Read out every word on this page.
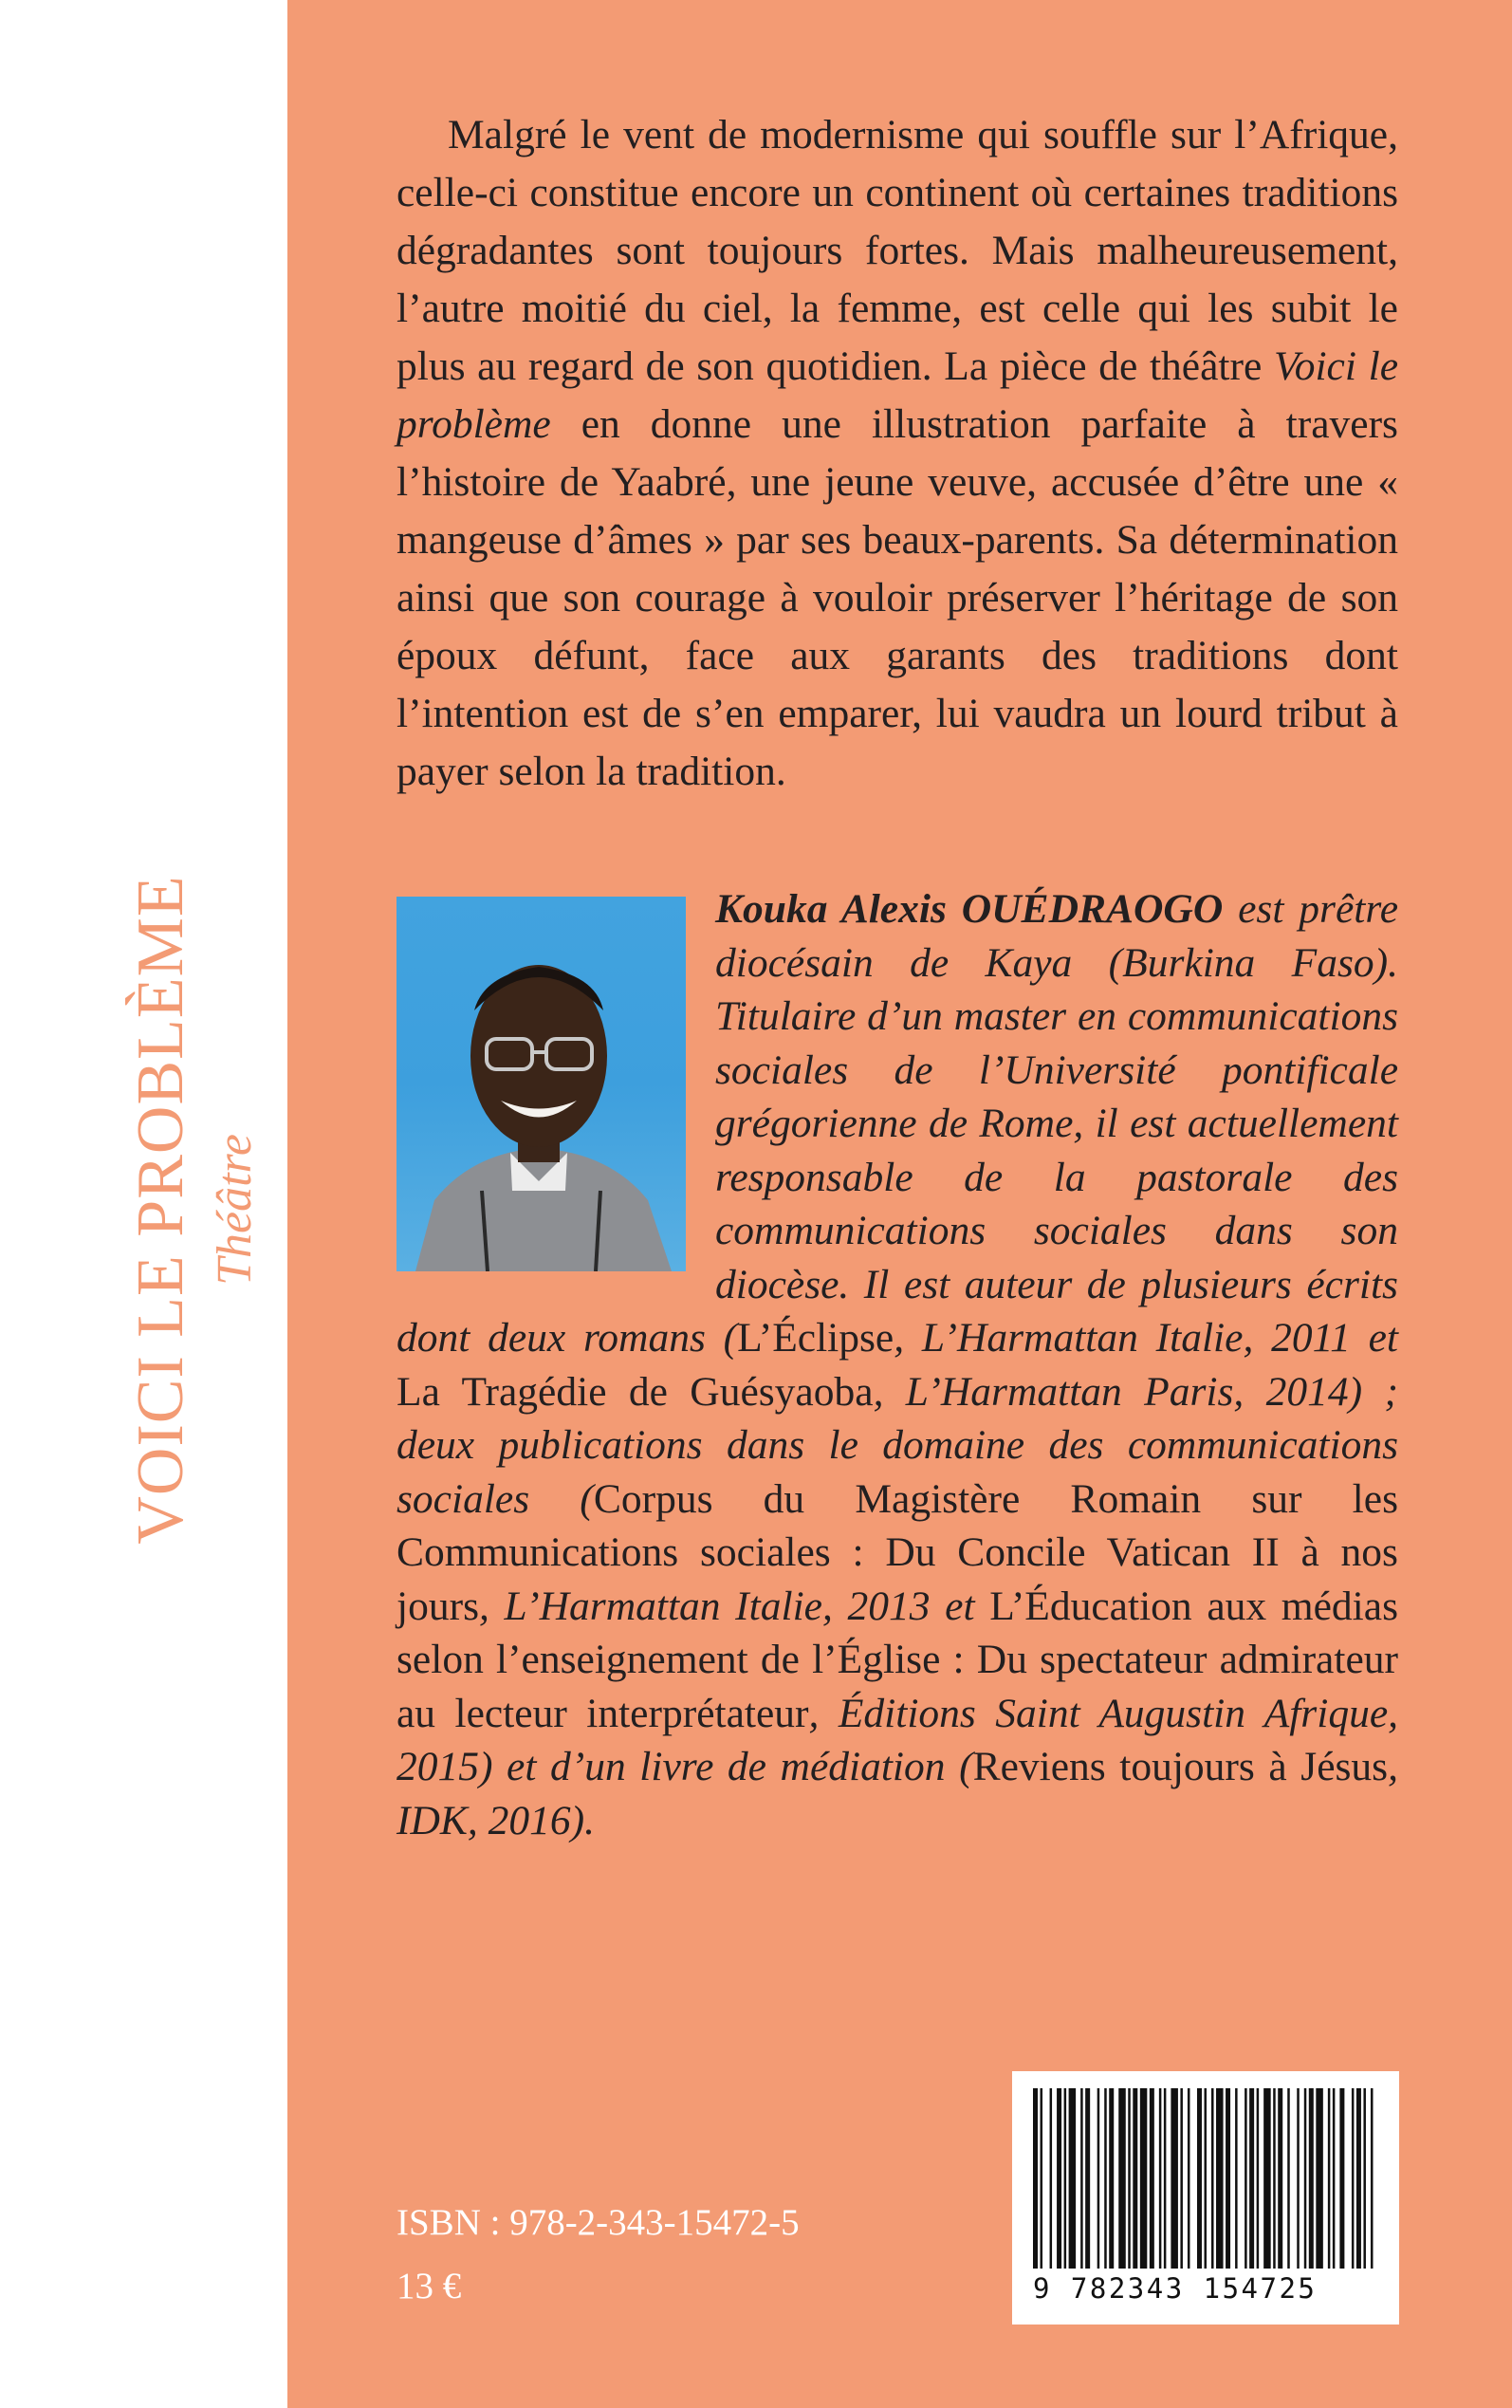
VOICI LE PROBLÈME Théâtre

Malgré le vent de modernisme qui souffle sur l’Afrique, celle-ci constitue encore un continent où certaines traditions dégradantes sont toujours fortes. Mais malheureusement, l’autre moitié du ciel, la femme, est celle qui les subit le plus au regard de son quotidien. La pièce de théâtre Voici le problème en donne une illustration parfaite à travers l’histoire de Yaabré, une jeune veuve, accusée d’être une « mangeuse d’âmes » par ses beaux-parents. Sa détermination ainsi que son courage à vouloir préserver l’héritage de son époux défunt, face aux garants des traditions dont l’intention est de s’en emparer, lui vaudra un lourd tribut à payer selon la tradition.

Kouka Alexis OUÉDRAOGO est prêtre diocésain de Kaya (Burkina Faso). Titulaire d’un master en communications sociales de l’Université pontificale grégorienne de Rome, il est actuellement responsable de la pastorale des communications sociales dans son diocèse. Il est auteur de plusieurs écrits dont deux romans (L’Éclipse, L’Harmattan Italie, 2011 et La Tragédie de Guésyaoba, L’Harmattan Paris, 2014) ; deux publications dans le domaine des communications sociales (Corpus du Magistère Romain sur les Communications sociales : Du Concile Vatican II à nos jours, L’Harmattan Italie, 2013 et L’Éducation aux médias selon l’enseignement de l’Église : Du spectateur admirateur au lecteur interprétateur, Éditions Saint Augustin Afrique, 2015) et d’un livre de médiation (Reviens toujours à Jésus, IDK, 2016).

9 782343 154725
ISBN : 978-2-343-15472-5
13 €
